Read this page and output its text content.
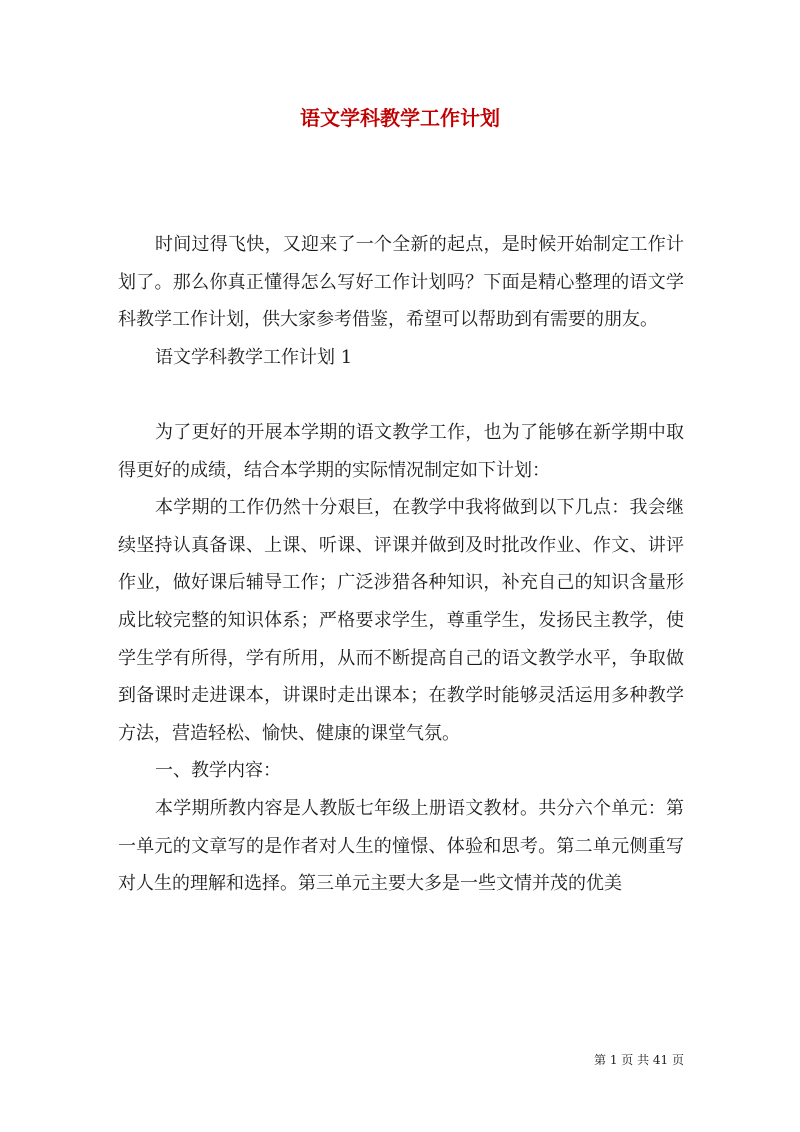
语文学科教学工作计划

时间过得飞快，又迎来了一个全新的起点，是时候开始制定工作计划了。那么你真正懂得怎么写好工作计划吗？下面是精心整理的语文学科教学工作计划，供大家参考借鉴，希望可以帮助到有需要的朋友。

语文学科教学工作计划 1

为了更好的开展本学期的语文教学工作，也为了能够在新学期中取得更好的成绩，结合本学期的实际情况制定如下计划：

本学期的工作仍然十分艰巨，在教学中我将做到以下几点：我会继续坚持认真备课、上课、听课、评课并做到及时批改作业、作文、讲评作业，做好课后辅导工作；广泛涉猎各种知识，补充自己的知识含量形成比较完整的知识体系；严格要求学生，尊重学生，发扬民主教学，使学生学有所得，学有所用，从而不断提高自己的语文教学水平，争取做到备课时走进课本，讲课时走出课本；在教学时能够灵活运用多种教学方法，营造轻松、愉快、健康的课堂气氛。

一、教学内容：

本学期所教内容是人教版七年级上册语文教材。共分六个单元：第一单元的文章写的是作者对人生的憧憬、体验和思考。第二单元侧重写对人生的理解和选择。第三单元主要大多是一些文情并茂的优美

第 1 页 共 41 页
